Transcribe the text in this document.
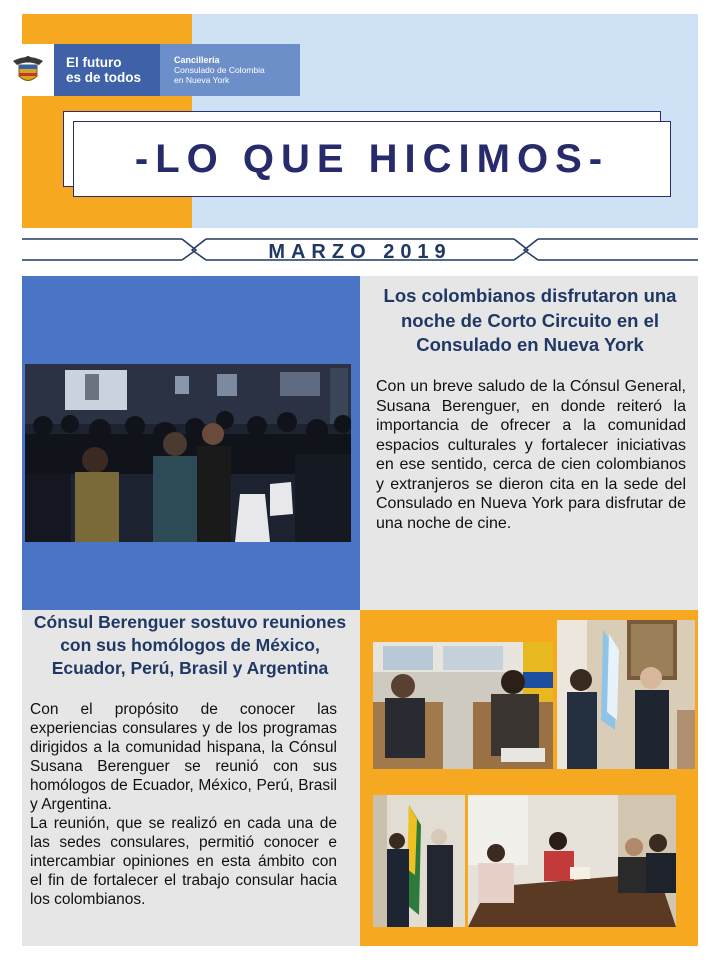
El futuro
es de todos
Cancillería
Consulado de Colombia
en Nueva York
-LO QUE HICIMOS-
MARZO 2019
Los colombianos disfrutaron una noche de Corto Circuito en el Consulado en Nueva York
Con un breve saludo de la Cónsul General, Susana Berenguer, en donde reiteró la importancia de ofrecer a la comunidad espacios culturales y fortalecer iniciativas en ese sentido, cerca de cien colombianos y extranjeros se dieron cita en la sede del Consulado en Nueva York para disfrutar de una noche de cine.
Cónsul Berenguer sostuvo reuniones con sus homólogos de México, Ecuador, Perú, Brasil y Argentina

Con el propósito de conocer las experiencias consulares y de los programas dirigidos a la comunidad hispana, la Cónsul Susana Berenguer se reunió con sus homólogos de Ecuador, México, Perú, Brasil y Argentina.

La reunión, que se realizó en cada una de las sedes consulares, permitió conocer e intercambiar opiniones en esta ámbito con el fin de fortalecer el trabajo consular hacia los colombianos.
